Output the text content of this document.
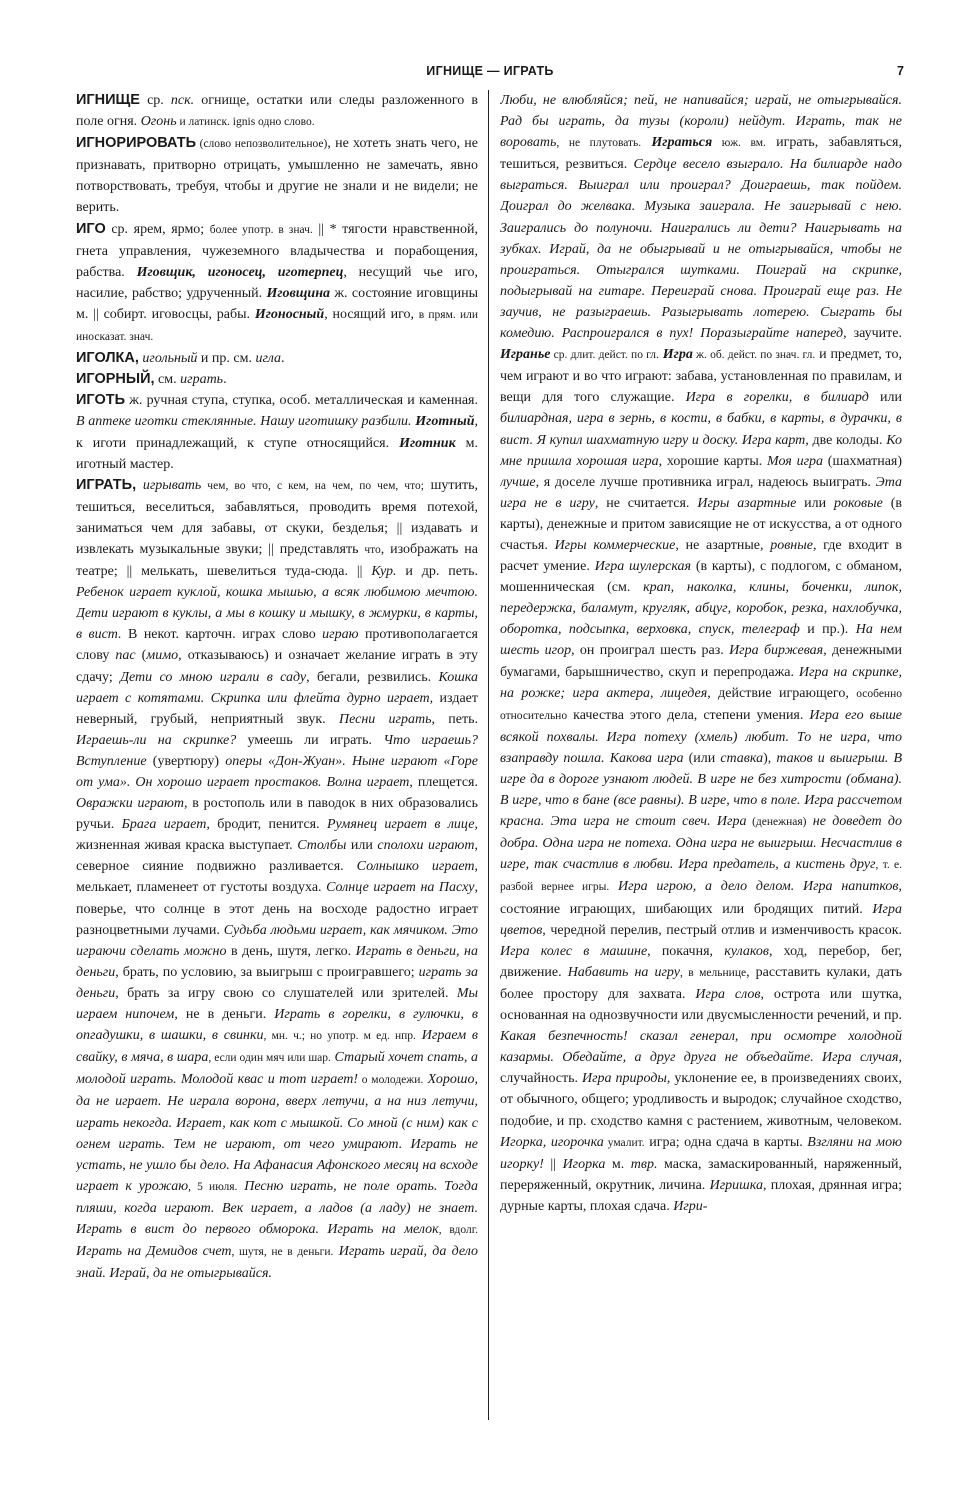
ИГНИЩЕ — ИГРАТЬ	7

ИГНИЩЕ ср. пск. огнище, остатки или следы разложенного в поле огня. Огонь и латинск. ignis одно слово.

ИГНОРИРОВАТЬ (слово непозволительное), не хотеть знать чего, не признавать, притворно отрицать, умышленно не замечать, явно потворствовать, требуя, чтобы и другие не знали и не видели; не верить.

ИГО ср. ярем, ярмо; более употр. в знач. || * тягости нравственной, гнета управления, чужеземного владычества и порабощения, рабства. Иговщик, игоносец, иготерпец, несущий чье иго, насилие, рабство; удрученный. Иговщина ж. состояние иговщины м. || собирт. иговосцы, рабы. Игоносный, носящий иго, в прям. или иносказат. знач.

ИГОЛКА, игольный и пр. см. игла.

ИГОРНЫЙ, см. играть.

ИГОТЬ ж. ручная ступа, ступка, особ. металлическая и каменная. В аптеке иготки стеклянные. Нашу иготишку разбили. Иготный, к иготи принадлежащий, к ступе относящийся. Иготник м. иготный мастер.

ИГРАТЬ, игрывать чем, во что, с кем, на чем, по чем, что; шутить, тешиться, веселиться, забавляться, проводить время потехой, заниматься чем для забавы, от скуки, безделья; || издавать и извлекать музыкальные звуки; || представлять что, изображать на театре; || мелькать, шевелиться туда-сюда. || Кур. и др. петь. Ребенок играет куклой, кошка мышью, а всяк любимою мечтою. Дети играют в куклы, а мы в кошку и мышку, в жмурки, в карты, в вист. В некот. карточн. играх слово играю противополагается слову пас (мимо, отказываюсь) и означает желание играть в эту сдачу; Дети со мною играли в саду, бегали, резвились. Кошка играет с котятами. Скрипка или флейта дурно играет, издает неверный, грубый, неприятный звук. Песни играть, петь. Играешь-ли на скрипке? умеешь ли играть. Что играешь? Вступление (увертюру) оперы «Дон-Жуан». Ныне играют «Горе от ума». Он хорошо играет простаков. Волна играет, плещется. Овражки играют, в ростополь или в паводок в них образовались ручьи. Брага играет, бродит, пенится. Румянец играет в лице, жизненная живая краска выступает. Столбы или сполохи играют, северное сияние подвижно разливается. Солнышко играет, мелькает, пламенеет от густоты воздуха. Солнце играет на Пасху, поверье, что солнце в этот день на восходе радостно играет разноцветными лучами. Судьба людьми играет, как мячиком. Это играючи сделать можно в день, шутя, легко. Играть в деньги, на деньги, брать, по условию, за выигрыш с проигравшего; играть за деньги, брать за игру свою со слушателей или зрителей. Мы играем нипочем, не в деньги. Играть в горелки, в гулючки, в опгадушки, в шашки, в свинки, мн. ч.; но употр. м ед. нпр. Играем в свайку, в мяча, в шара, если один мяч или шар. Старый хочет спать, а молодой играть. Молодой квас и тот играет! о молодежи. Хорошо, да не играет. Не играла ворона, вверх летучи, а на низ летучи, играть некогда. Играет, как кот с мышкой. Со мной (с ним) как с огнем играть. Тем не играют, от чего умирают. Играть не устать, не ушло бы дело. На Афанасия Афонского месяц на всходе играет к урожаю, 5 июля. Песню играть, не поле орать. Тогда пляши, когда играют. Век играет, а ладов (а ладу) не знает. Играть в вист до первого обморока. Играть на мелок, вдолг. Играть на Демидов счет, шутя, не в деньги. Играть играй, да дело знай. Играй, да не отыгрывайся.

Люби, не влюбляйся; пей, не напивайся; играй, не отыгрывайся. Рад бы играть, да тузы (короли) нейдут. Играть, так не воровать, не плутовать. Играться юж. вм. играть, забавляться, тешиться, резвиться. Сердце весело взыграло. На билиарде надо выграться. Выиграл или проиграл? Доиграешь, так пойдем. Доиграл до желвака. Музыка заиграла. Не заигрывай с нею. Заигрались до полуночи. Наигрались ли дети? Наигрывать на зубках. Играй, да не обыгрывай и не отыгрывайся, чтобы не проиграться. Отыгрался шутками. Поиграй на скрипке, подыгрывай на гитаре. Переиграй снова. Проиграй еще раз. Не заучив, не разыграешь. Разыгрывать лотерею. Сыграть бы комедию. Распроигрался в пух! Поразыграйте наперед, заучите. Игранье ср. длит. дейст. по гл. Игра ж. об. дейст. по знач. гл. и предмет, то, чем играют и во что играют: забава, установленная по правилам, и вещи для того служащие. Игра в горелки, в билиард или билиардная, игра в зернь, в кости, в бабки, в карты, в дурачки, в вист. Я купил шахматную игру и доску. Игра карт, две колоды. Ко мне пришла хорошая игра, хорошие карты. Моя игра (шахматная) лучше, я доселе лучше противника играл, надеюсь выиграть. Эта игра не в игру, не считается. Игры азартные или роковые (в карты), денежные и притом зависящие не от искусства, а от одного счастья. Игры коммерческие, не азартные, ровные, где входит в расчет умение. Игра шулерская (в карты), с подлогом, с обманом, мошенническая (см. крап, наколка, клины, боченки, липок, передержка, баламут, кругляк, абцуг, коробок, резка, нахлобучка, оборотка, подсыпка, верховка, спуск, телеграф и пр.). На нем шесть игор, он проиграл шесть раз. Игра биржевая, денежными бумагами, барышничество, скуп и перепродажа. Игра на скрипке, на рожке; игра актера, лицедея, действие играющего, особенно относительно качества этого дела, степени умения. Игра его выше всякой похвалы. Игра потеху (хмель) любит. То не игра, что взаправду пошла. Какова игра (или ставка), таков и выигрыш. В игре да в дороге узнают людей. В игре не без хитрости (обмана). В игре, что в бане (все равны). В игре, что в поле. Игра рассчетом красна. Эта игра не стоит свеч. Игра (денежная) не доведет до добра. Одна игра не потеха. Одна игра не выигрыш. Несчастлив в игре, так счастлив в любви. Игра предатель, а кистень друг, т. е. разбой вернее игры. Игра игрою, а дело делом. Игра напитков, состояние играющих, шибающих или бродящих питий. Игра цветов, чередной перелив, пестрый отлив и изменчивость красок. Игра колес в машине, покачня, кулаков, ход, перебор, бег, движение. Набавить на игру, в мельнице, расставить кулаки, дать более простору для захвата. Игра слов, острота или шутка, основанная на однозвучности или двусмысленности речений, и пр. Какая безпечность! сказал генерал, при осмотре холодной казармы. Обедайте, а друг друга не объедайте. Игра случая, случайность. Игра природы, уклонение ее, в произведениях своих, от обычного, общего; уродливость и выродок; случайное сходство, подобие, и пр. сходство камня с растением, животным, человеком. Игорка, игорочка умалит. игра; одна сдача в карты. Взгляни на мою игорку! || Игорка м. твр. маска, замаскированный, наряженный, переряженный, окрутник, личина. Игришка, плохая, дрянная игра; дурные карты, плохая сдача. Игри-
